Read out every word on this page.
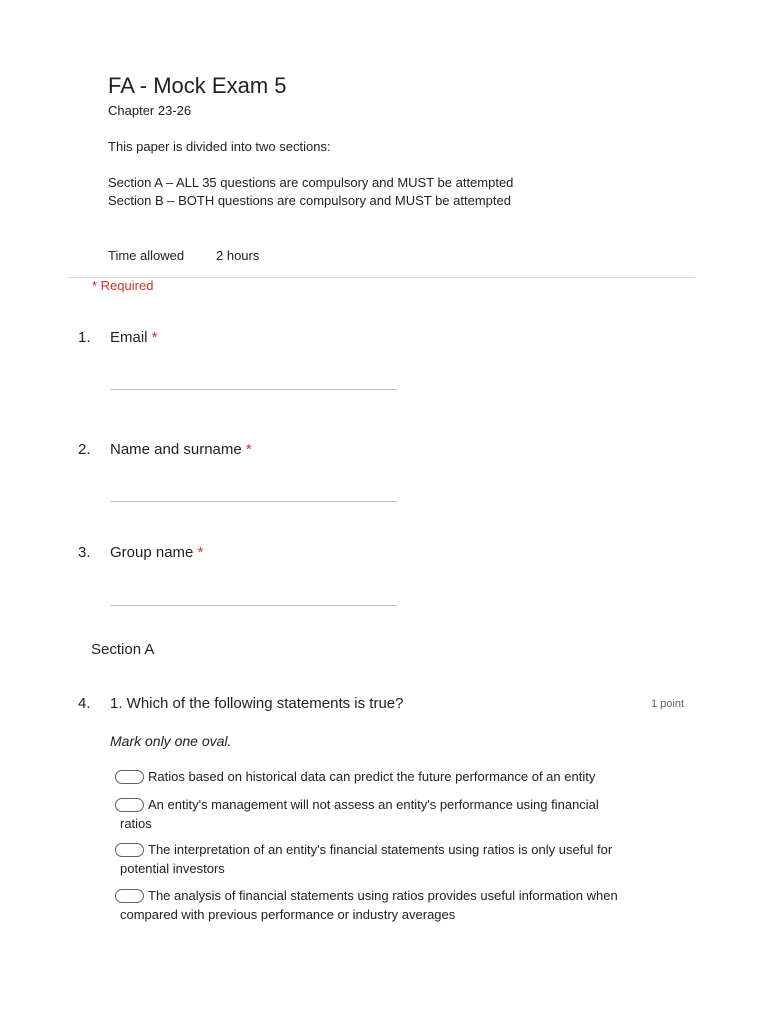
FA - Mock Exam 5
Chapter 23-26
This paper is divided into two sections:
Section A – ALL 35 questions are compulsory and MUST be attempted
Section B – BOTH questions are compulsory and MUST be attempted
Time allowed 2 hours
* Required
1. Email *
2. Name and surname *
3. Group name *
Section A
4. 1. Which of the following statements is true?	1 point
Mark only one oval.
Ratios based on historical data can predict the future performance of an entity
An entity's management will not assess an entity's performance using financial
ratios
The interpretation of an entity's financial statements using ratios is only useful for
potential investors
The analysis of financial statements using ratios provides useful information when
compared with previous performance or industry averages
